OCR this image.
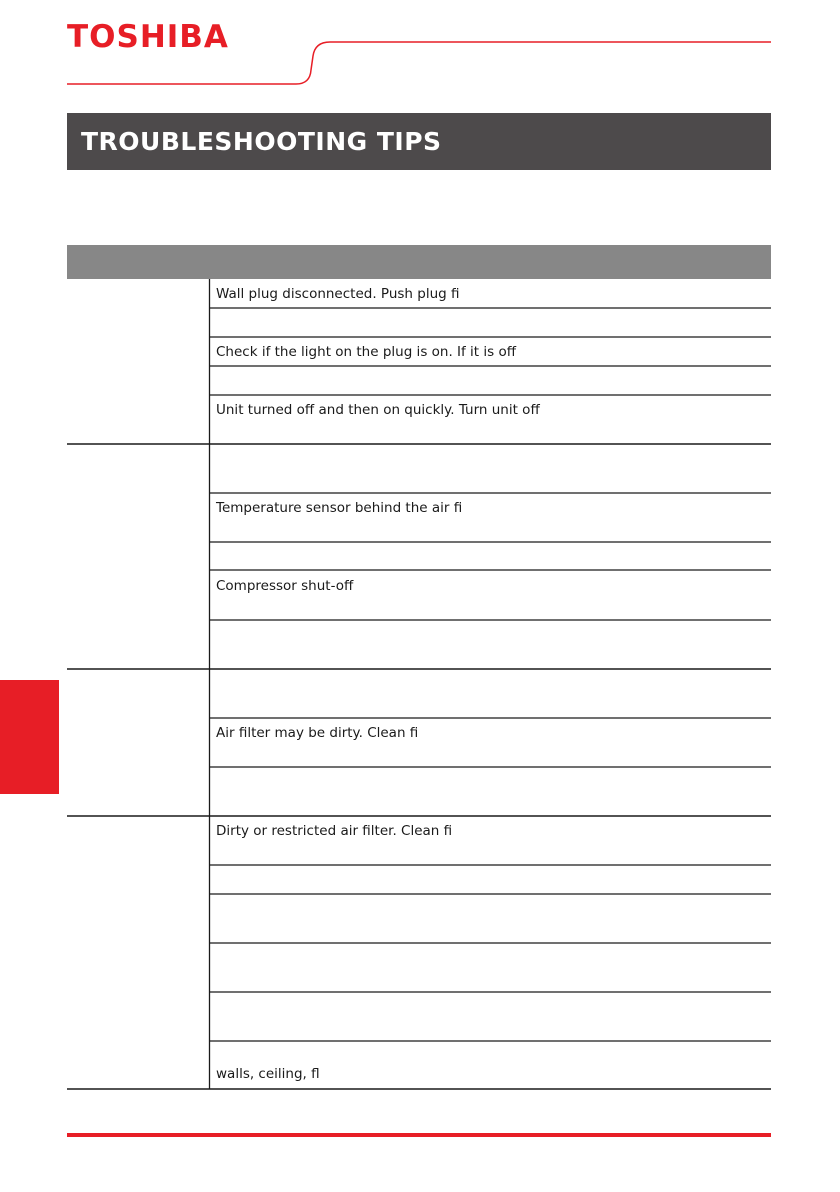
TOSHIBA
TROUBLESHOOTING TIPS
Wall plug disconnected. Push plug fi
Check if the light on the plug is on. If it is off
Unit turned off and then on quickly. Turn unit off
Temperature sensor behind the air fi
Compressor shut-off
Air filter may be dirty. Clean fi
Dirty or restricted air filter. Clean fi
walls, ceiling, fl
